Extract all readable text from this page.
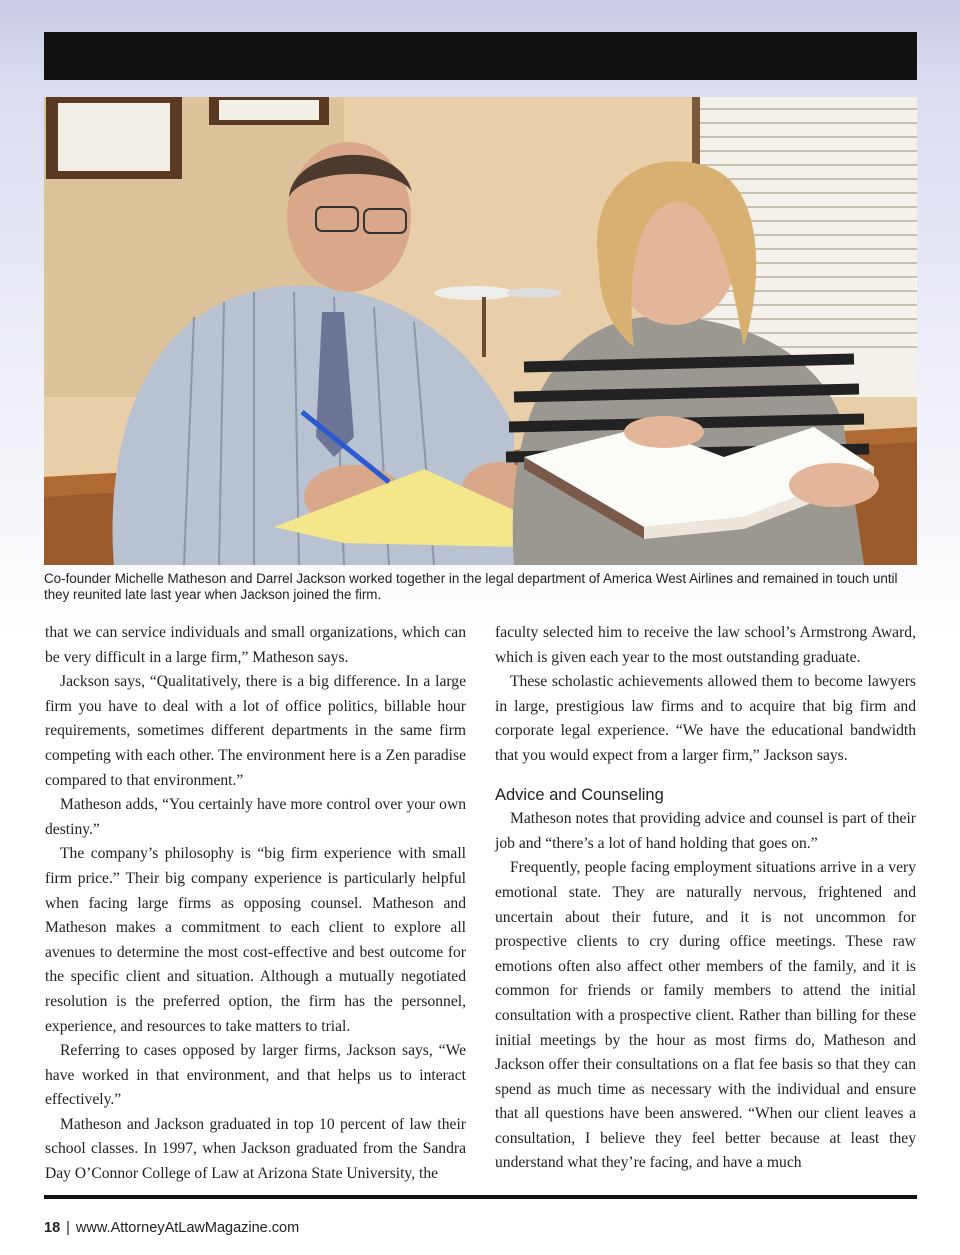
Co-founder Michelle Matheson and Darrel Jackson worked together in the legal department of America West Airlines and remained in touch until they reunited late last year when Jackson joined the firm.

that we can service individuals and small organizations, which can be very difficult in a large firm,” Matheson says.

Jackson says, “Qualitatively, there is a big difference. In a large firm you have to deal with a lot of office politics, billable hour requirements, sometimes different departments in the same firm competing with each other. The environment here is a Zen paradise compared to that environment.”

Matheson adds, “You certainly have more control over your own destiny.”

The company’s philosophy is “big firm experience with small firm price.” Their big company experience is particularly helpful when facing large firms as opposing counsel. Matheson and Matheson makes a commitment to each client to explore all avenues to determine the most cost-effective and best outcome for the specific client and situation. Although a mutually negotiated resolution is the preferred option, the firm has the personnel, experience, and resources to take matters to trial.

Referring to cases opposed by larger firms, Jackson says, “We have worked in that environment, and that helps us to interact effectively.”

Matheson and Jackson graduated in top 10 percent of law their school classes. In 1997, when Jackson graduated from the Sandra Day O’Connor College of Law at Arizona State University, the

faculty selected him to receive the law school’s Armstrong Award, which is given each year to the most outstanding graduate.

These scholastic achievements allowed them to become lawyers in large, prestigious law firms and to acquire that big firm and corporate legal experience. “We have the educational bandwidth that you would expect from a larger firm,” Jackson says.

Advice and Counseling

Matheson notes that providing advice and counsel is part of their job and “there’s a lot of hand holding that goes on.”

Frequently, people facing employment situations arrive in a very emotional state. They are naturally nervous, frightened and uncertain about their future, and it is not uncommon for prospective clients to cry during office meetings. These raw emotions often also affect other members of the family, and it is common for friends or family members to attend the initial consultation with a prospective client. Rather than billing for these initial meetings by the hour as most firms do, Matheson and Jackson offer their consultations on a flat fee basis so that they can spend as much time as necessary with the individual and ensure that all questions have been answered. “When our client leaves a consultation, I believe they feel better because at least they understand what they’re facing, and have a much

18 | www.AttorneyAtLawMagazine.com
